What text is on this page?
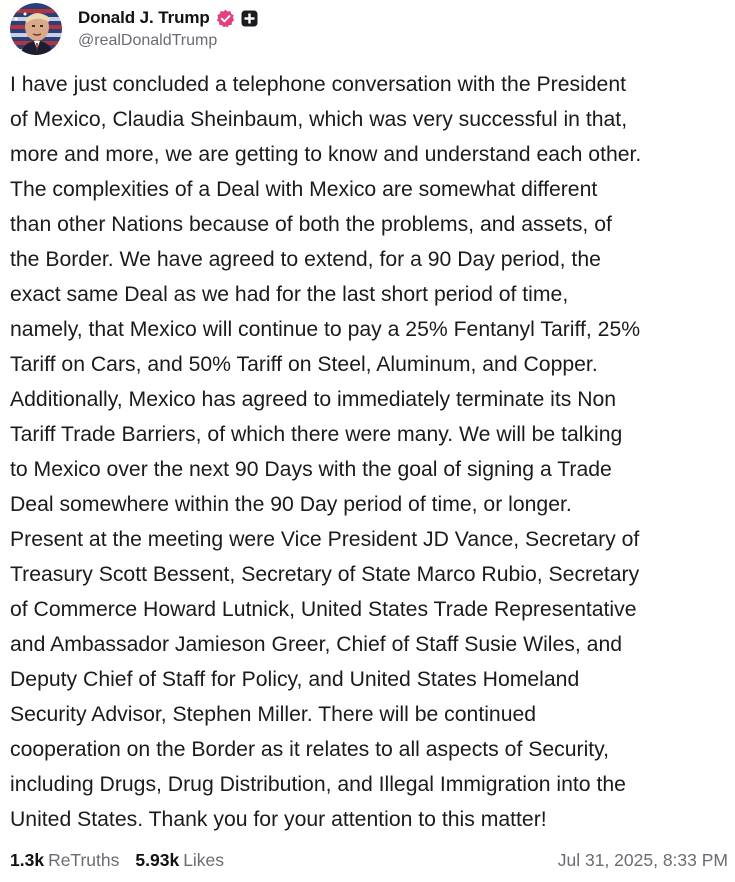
Donald J. Trump
@realDonaldTrump

I have just concluded a telephone conversation with the President
of Mexico, Claudia Sheinbaum, which was very successful in that,
more and more, we are getting to know and understand each other.
The complexities of a Deal with Mexico are somewhat different
than other Nations because of both the problems, and assets, of
the Border. We have agreed to extend, for a 90 Day period, the
exact same Deal as we had for the last short period of time,
namely, that Mexico will continue to pay a 25% Fentanyl Tariff, 25%
Tariff on Cars, and 50% Tariff on Steel, Aluminum, and Copper.
Additionally, Mexico has agreed to immediately terminate its Non
Tariff Trade Barriers, of which there were many. We will be talking
to Mexico over the next 90 Days with the goal of signing a Trade
Deal somewhere within the 90 Day period of time, or longer.
Present at the meeting were Vice President JD Vance, Secretary of
Treasury Scott Bessent, Secretary of State Marco Rubio, Secretary
of Commerce Howard Lutnick, United States Trade Representative
and Ambassador Jamieson Greer, Chief of Staff Susie Wiles, and
Deputy Chief of Staff for Policy, and United States Homeland
Security Advisor, Stephen Miller. There will be continued
cooperation on the Border as it relates to all aspects of Security,
including Drugs, Drug Distribution, and Illegal Immigration into the
United States. Thank you for your attention to this matter!

1.3k ReTruths 5.93k Likes	Jul 31, 2025, 8:33 PM
